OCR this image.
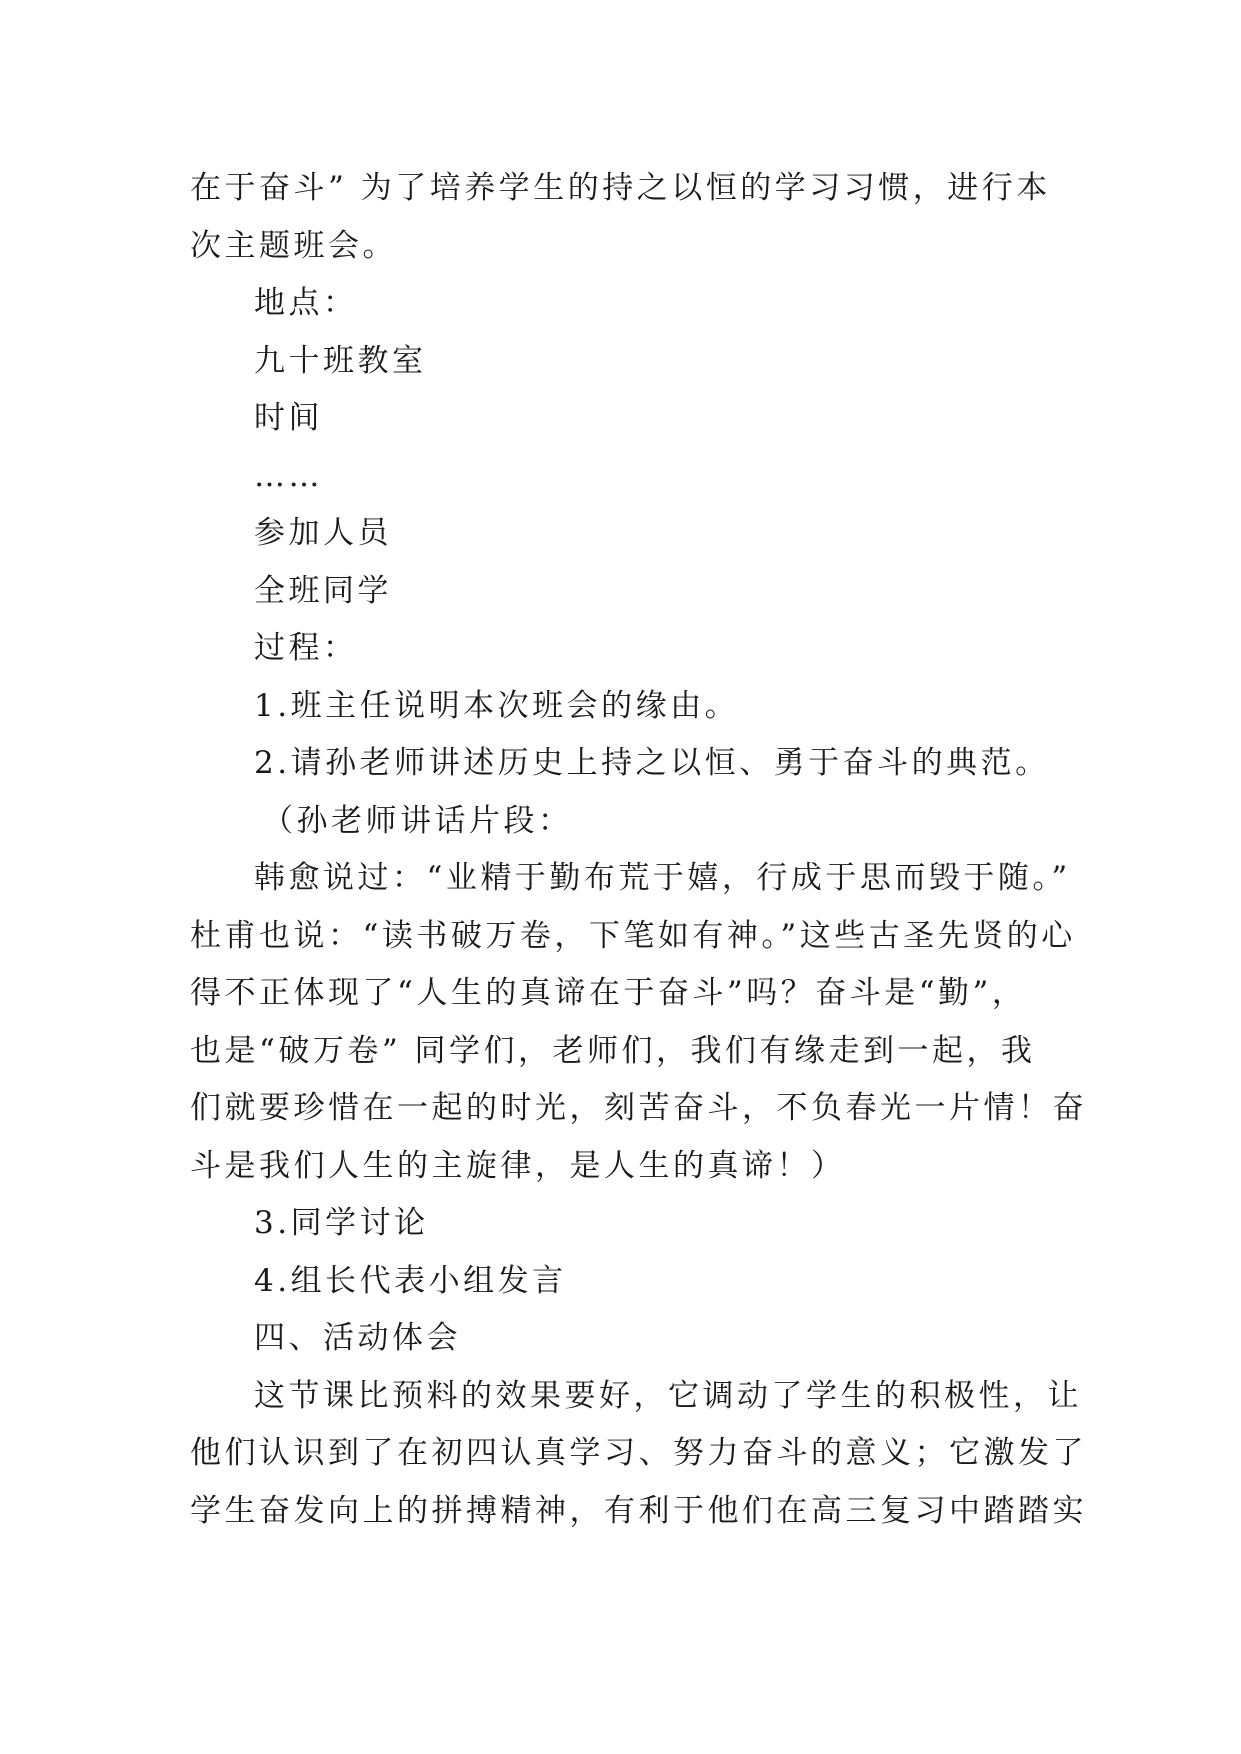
在于奋斗” 为了培养学生的持之以恒的学习习惯，进行本
次主题班会。
地点：
九十班教室
时间
……
参加人员
全班同学
过程：
1.班主任说明本次班会的缘由。
2.请孙老师讲述历史上持之以恒、勇于奋斗的典范。
（孙老师讲话片段：
韩愈说过：“业精于勤布荒于嬉，行成于思而毁于随。”
杜甫也说：“读书破万卷，下笔如有神。”这些古圣先贤的心
得不正体现了“人生的真谛在于奋斗”吗？奋斗是“勤”，
也是“破万卷” 同学们，老师们，我们有缘走到一起，我
们就要珍惜在一起的时光，刻苦奋斗，不负春光一片情！奋
斗是我们人生的主旋律，是人生的真谛！）
3.同学讨论
4.组长代表小组发言
四、活动体会
这节课比预料的效果要好，它调动了学生的积极性，让
他们认识到了在初四认真学习、努力奋斗的意义；它激发了
学生奋发向上的拼搏精神，有利于他们在高三复习中踏踏实
